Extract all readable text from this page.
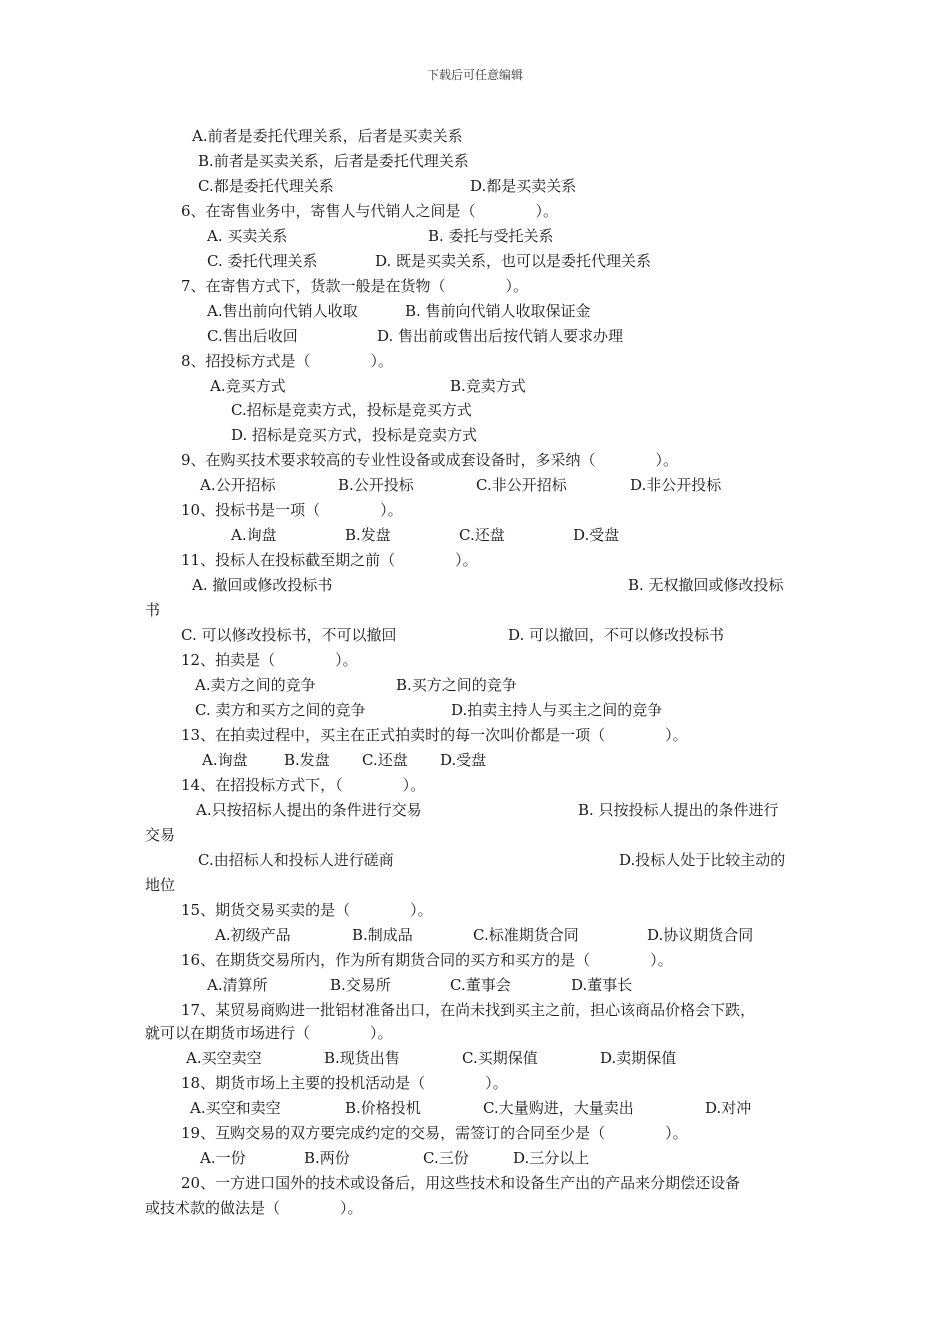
下载后可任意编辑
A.前者是委托代理关系，后者是买卖关系
B.前者是买卖关系，后者是委托代理关系
C.都是委托代理关系	D.都是买卖关系
6、在寄售业务中，寄售人与代销人之间是（　　　　）。
A. 买卖关系	B. 委托与受托关系
C. 委托代理关系	D. 既是买卖关系，也可以是委托代理关系
7、在寄售方式下，货款一般是在货物（　　　　）。
A.售出前向代销人收取	B. 售前向代销人收取保证金
C.售出后收回	D. 售出前或售出后按代销人要求办理
8、招投标方式是（　　　　）。
A.竞买方式	B.竞卖方式
C.招标是竞卖方式，投标是竞买方式
D. 招标是竞买方式，投标是竞卖方式
9、在购买技术要求较高的专业性设备或成套设备时，多采纳（　　　　）。
A.公开招标	B.公开投标	C.非公开招标	D.非公开投标
10、投标书是一项（　　　　）。
A.询盘	B.发盘	C.还盘	D.受盘
11、投标人在投标截至期之前（　　　　）。
A. 撤回或修改投标书	B. 无权撤回或修改投标
书
C. 可以修改投标书，不可以撤回	D. 可以撤回，不可以修改投标书
12、拍卖是（　　　　）。
A.卖方之间的竞争	B.买方之间的竞争
C. 卖方和买方之间的竞争	D.拍卖主持人与买主之间的竞争
13、在拍卖过程中，买主在正式拍卖时的每一次叫价都是一项（　　　　）。
A.询盘 B.发盘 C.还盘 D.受盘
14、在招投标方式下，（　　　　）。
A.只按招标人提出的条件进行交易	B. 只按投标人提出的条件进行
交易
C.由招标人和投标人进行磋商	D.投标人处于比较主动的
地位
15、期货交易买卖的是（　　　　）。
A.初级产品	B.制成品	C.标准期货合同	D.协议期货合同
16、在期货交易所内，作为所有期货合同的买方和买方的是（　　　　）。
A.清算所	B.交易所	C.董事会	D.董事长
17、某贸易商购进一批铝材准备出口，在尚未找到买主之前，担心该商品价格会下跌，
就可以在期货市场进行（　　　　）。
A.买空卖空	B.现货出售	C.买期保值	D.卖期保值
18、期货市场上主要的投机活动是（　　　　）。
A.买空和卖空	B.价格投机	C.大量购进，大量卖出	D.对冲
19、互购交易的双方要完成约定的交易，需签订的合同至少是（　　　　）。
A.一份	B.两份	C.三份	D.三分以上
20、一方进口国外的技术或设备后，用这些技术和设备生产出的产品来分期偿还设备
或技术款的做法是（　　　　）。
